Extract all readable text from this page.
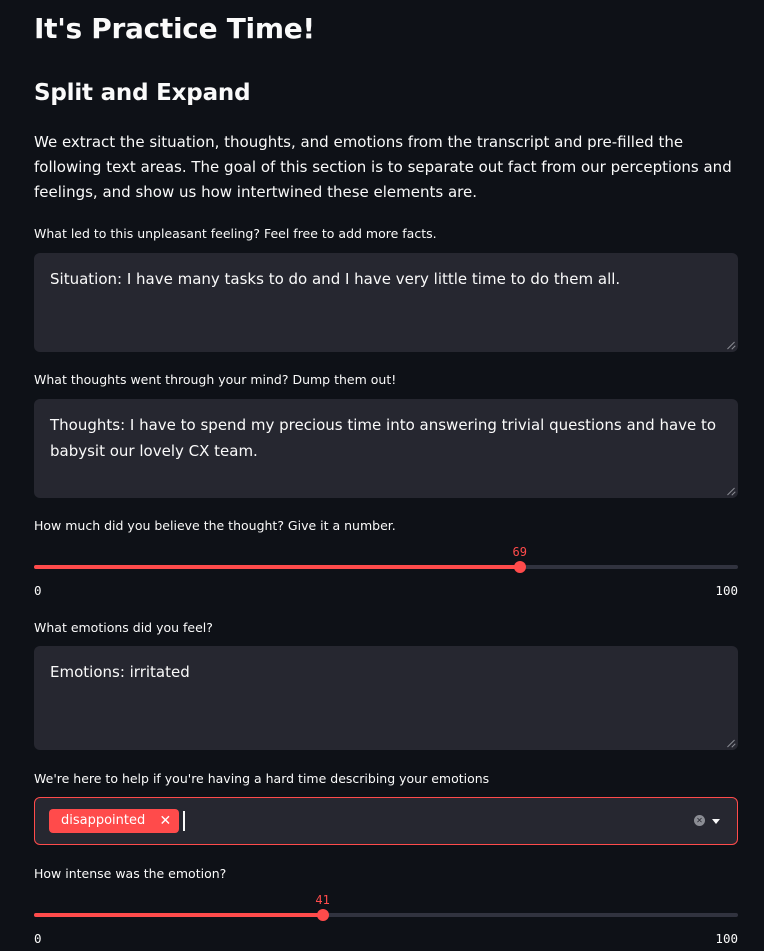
It's Practice Time!
Split and Expand

We extract the situation, thoughts, and emotions from the transcript and pre-filled the following text areas. The goal of this section is to separate out fact from our perceptions and feelings, and show us how intertwined these elements are.

What led to this unpleasant feeling? Feel free to add more facts.
Situation: I have many tasks to do and I have very little time to do them all.
What thoughts went through your mind? Dump them out!
Thoughts: I have to spend my precious time into answering trivial questions and have to babysit our lovely CX team.
How much did you believe the thought? Give it a number.
69
0	100
What emotions did you feel?
Emotions: irritated
We're here to help if you're having a hard time describing your emotions
disappointed ✕	✕
How intense was the emotion?
41
0	100
